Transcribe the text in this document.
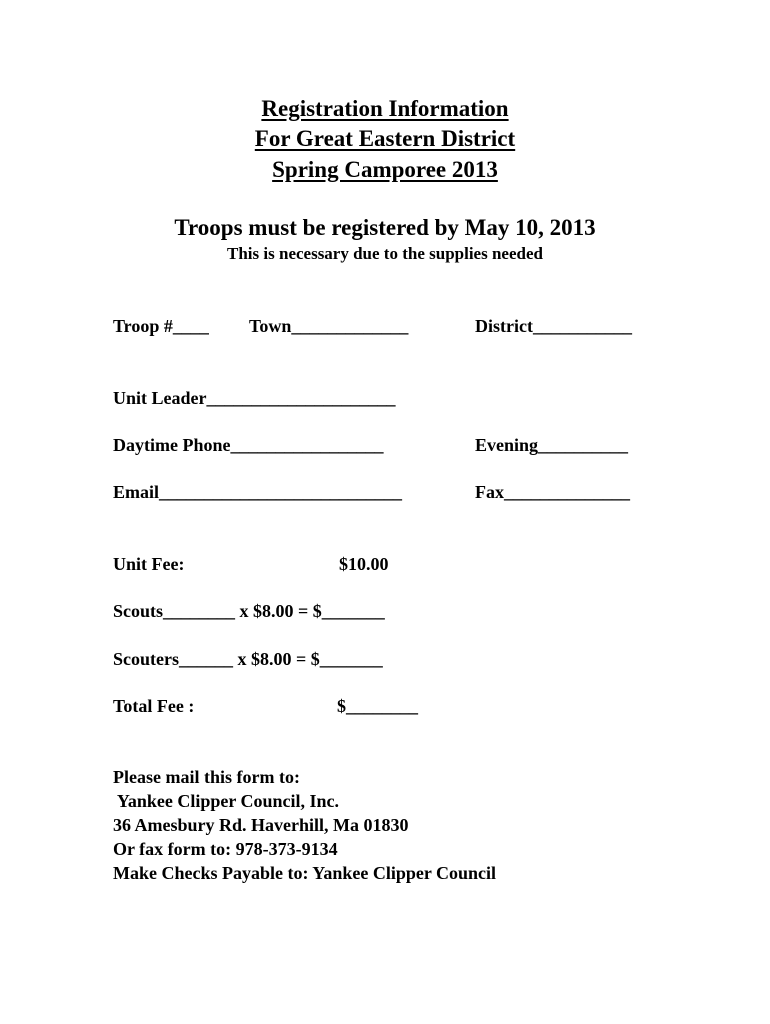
Registration Information
For Great Eastern District
Spring Camporee 2013
Troops must be registered by May 10, 2013
This is necessary due to the supplies needed
Troop #____ Town_____________	District___________
Unit Leader_____________________
Daytime Phone_________________	Evening__________
Email___________________________	Fax______________
Unit Fee:	$10.00
Scouts________ x $8.00 = $_______
Scouters______ x $8.00 = $_______
Total Fee :	$________
Please mail this form to:
Yankee Clipper Council, Inc.
36 Amesbury Rd. Haverhill, Ma 01830
Or fax form to: 978-373-9134
Make Checks Payable to: Yankee Clipper Council
